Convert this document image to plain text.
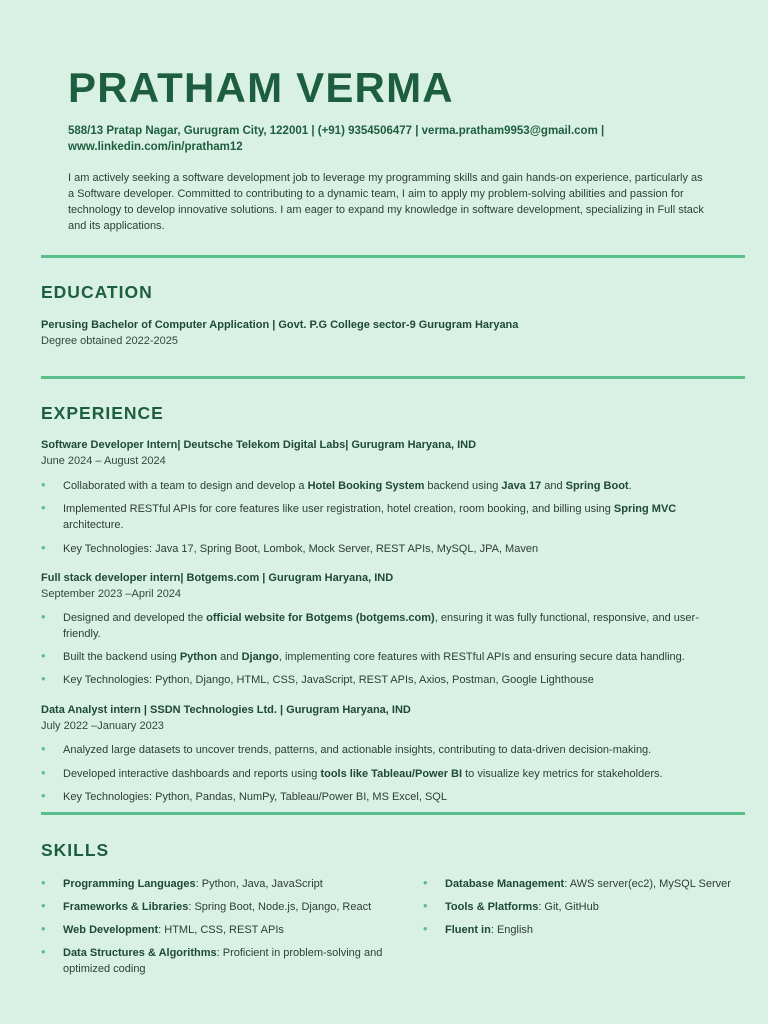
PRATHAM VERMA
588/13 Pratap Nagar, Gurugram City, 122001 | (+91) 9354506477 | verma.pratham9953@gmail.com | www.linkedin.com/in/pratham12
I am actively seeking a software development job to leverage my programming skills and gain hands-on experience, particularly as a Software developer. Committed to contributing to a dynamic team, I aim to apply my problem-solving abilities and passion for technology to develop innovative solutions. I am eager to expand my knowledge in software development, specializing in Full stack and its applications.
EDUCATION
Perusing Bachelor of Computer Application | Govt. P.G College sector-9 Gurugram Haryana
Degree obtained 2022-2025
EXPERIENCE
Software Developer Intern| Deutsche Telekom Digital Labs| Gurugram Haryana, IND
June 2024 – August 2024
• Collaborated with a team to design and develop a Hotel Booking System backend using Java 17 and Spring Boot.
• Implemented RESTful APIs for core features like user registration, hotel creation, room booking, and billing using Spring MVC architecture.
• Key Technologies: Java 17, Spring Boot, Lombok, Mock Server, REST APIs, MySQL, JPA, Maven
Full stack developer intern| Botgems.com | Gurugram Haryana, IND
September 2023 –April 2024
• Designed and developed the official website for Botgems (botgems.com), ensuring it was fully functional, responsive, and user-friendly.
• Built the backend using Python and Django, implementing core features with RESTful APIs and ensuring secure data handling.
• Key Technologies: Python, Django, HTML, CSS, JavaScript, REST APIs, Axios, Postman, Google Lighthouse
Data Analyst intern | SSDN Technologies Ltd. | Gurugram Haryana, IND
July 2022 –January 2023
• Analyzed large datasets to uncover trends, patterns, and actionable insights, contributing to data-driven decision-making.
• Developed interactive dashboards and reports using tools like Tableau/Power BI to visualize key metrics for stakeholders.
• Key Technologies: Python, Pandas, NumPy, Tableau/Power BI, MS Excel, SQL
SKILLS
• Programming Languages: Python, Java, JavaScript
• Frameworks & Libraries: Spring Boot, Node.js, Django, React
• Web Development: HTML, CSS, REST APIs
• Data Structures & Algorithms: Proficient in problem-solving and optimized coding
• Database Management: AWS server(ec2), MySQL Server
• Tools & Platforms: Git, GitHub
• Fluent in: English
